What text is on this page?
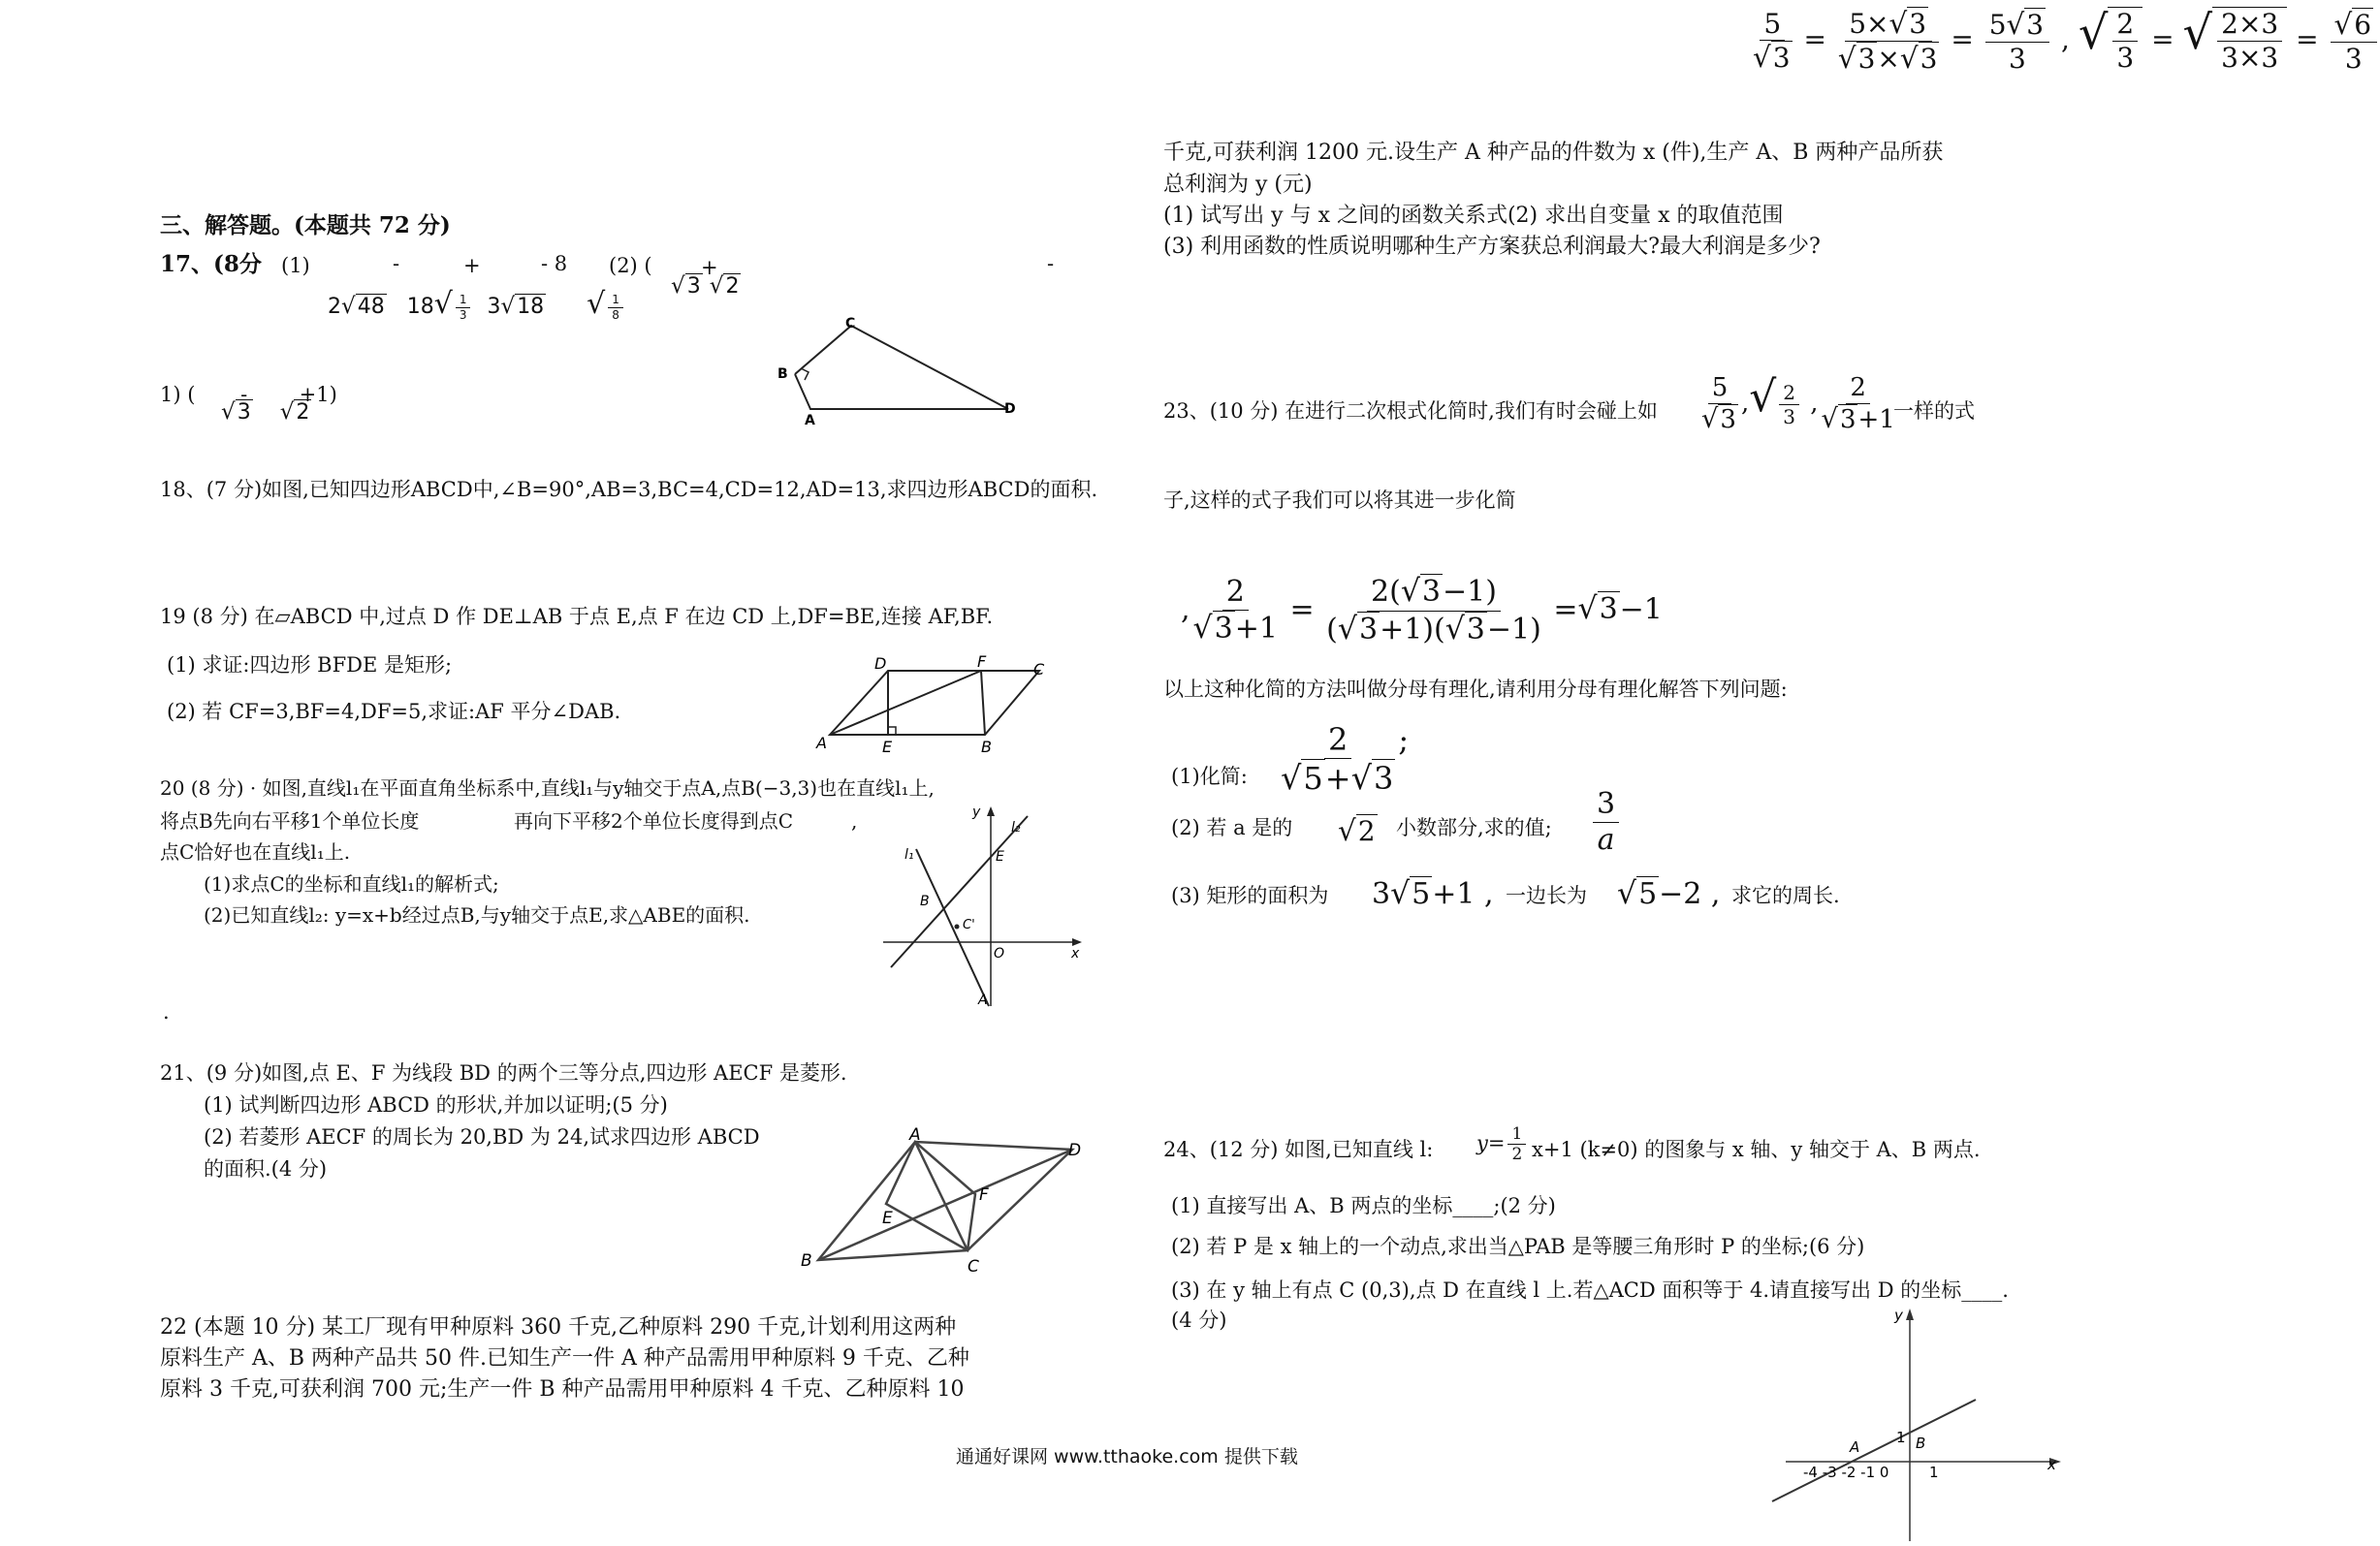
$\frac{5}{√3} = \frac{5\times√3}{√3\times√3} = \frac{5√3}{3}$ , √ $\frac{2}{3}$ = √ $\frac{2\times 3}{3\times 3} = \frac{√6}{3}$
三、解答题。(本题共 72 分)
17、(8分 (1)	-	+	- 8 (2) ( +	-
2√48 $18√ \frac{1}{3} 3√18$ √ $\frac{1}{8}$
√3 √2
1) ( -	+1)
√3 √2
C
B
A
D
18、(7 分)如图,已知四边形ABCD中,∠B=90°,AB=3,BC=4,CD=12,AD=13,求四边形ABCD的面积.
19 (8 分) 在▱ABCD 中,过点 D 作 DE⊥AB 于点 E,点 F 在边 CD 上,DF=BE,连接 AF,BF.
(1) 求证:四边形 BFDE 是矩形;
(2) 若 CF=3,BF=4,DF=5,求证:AF 平分∠DAB.
D	F	C
A	E	B
20 (8 分) · 如图,直线l₁在平面直角坐标系中,直线l₁与y轴交于点A,点B(−3,3)也在直线l₁上,
将点B先向右平移1个单位长度	再向下平移2个单位长度得到点C	,
点C恰好也在直线l₁上.
(1)求点C的坐标和直线l₁的解析式;
(2)已知直线l₂: y=x+b经过点B,与y轴交于点E,求△ABE的面积.
.
y
l₂
E
l₁
B
C'
O	x
A
21、(9 分)如图,点 E、F 为线段 BD 的两个三等分点,四边形 AECF 是菱形.
(1) 试判断四边形 ABCD 的形状,并加以证明;(5 分)
(2) 若菱形 AECF 的周长为 20,BD 为 24,试求四边形 ABCD
的面积.(4 分)
A
D
F
E
B	C
22 (本题 10 分) 某工厂现有甲种原料 360 千克,乙种原料 290 千克,计划利用这两种
原料生产 A、B 两种产品共 50 件.已知生产一件 A 种产品需用甲种原料 9 千克、乙种
原料 3 千克,可获利润 700 元;生产一件 B 种产品需用甲种原料 4 千克、乙种原料 10
千克,可获利润 1200 元.设生产 A 种产品的件数为 x (件),生产 A、B 两种产品所获
总利润为 y (元)
(1) 试写出 y 与 x 之间的函数关系式(2) 求出自变量 x 的取值范围
(3) 利用函数的性质说明哪种生产方案获总利润最大?最大利润是多少?
23、(10 分) 在进行二次根式化简时,我们有时会碰上如 $\frac{5}{√3}$ ,√ $\frac{2}{3}$ , $\frac{2}{√3+1}$
一样的式
子,这样的式子我们可以将其进一步化简
, $\frac{2}{√3+1} = \frac{2(√3-1)}{(√3+1)(√3-1)} =√3-1$
以上这种化简的方法叫做分母有理化,请利用分母有理化解答下列问题:
(1)化简: $\frac{2}{√5+√3}$ ;
(2) 若 a 是的 √2 小数部分,求的值; $\frac{3}{a}$
(3) 矩形的面积为 3√5+1 , 一边长为 √5−2 , 求它的周长.
24、(12 分) 如图,已知直线 l: $y= \frac{1}{2} x+1$ (k≠0) 的图象与 x 轴、y 轴交于 A、B 两点.
(1) 直接写出 A、B 两点的坐标____;(2 分)
(2) 若 P 是 x 轴上的一个动点,求出当△PAB 是等腰三角形时 P 的坐标;(6 分)
(3) 在 y 轴上有点 C (0,3),点 D 在直线 l 上.若△ACD 面积等于 4.请直接写出 D 的坐标____.
(4 分)	y
x
A	B
1
-4 -3 -2 -1 0	1
通通好课网 www.tthaoke.com 提供下载
